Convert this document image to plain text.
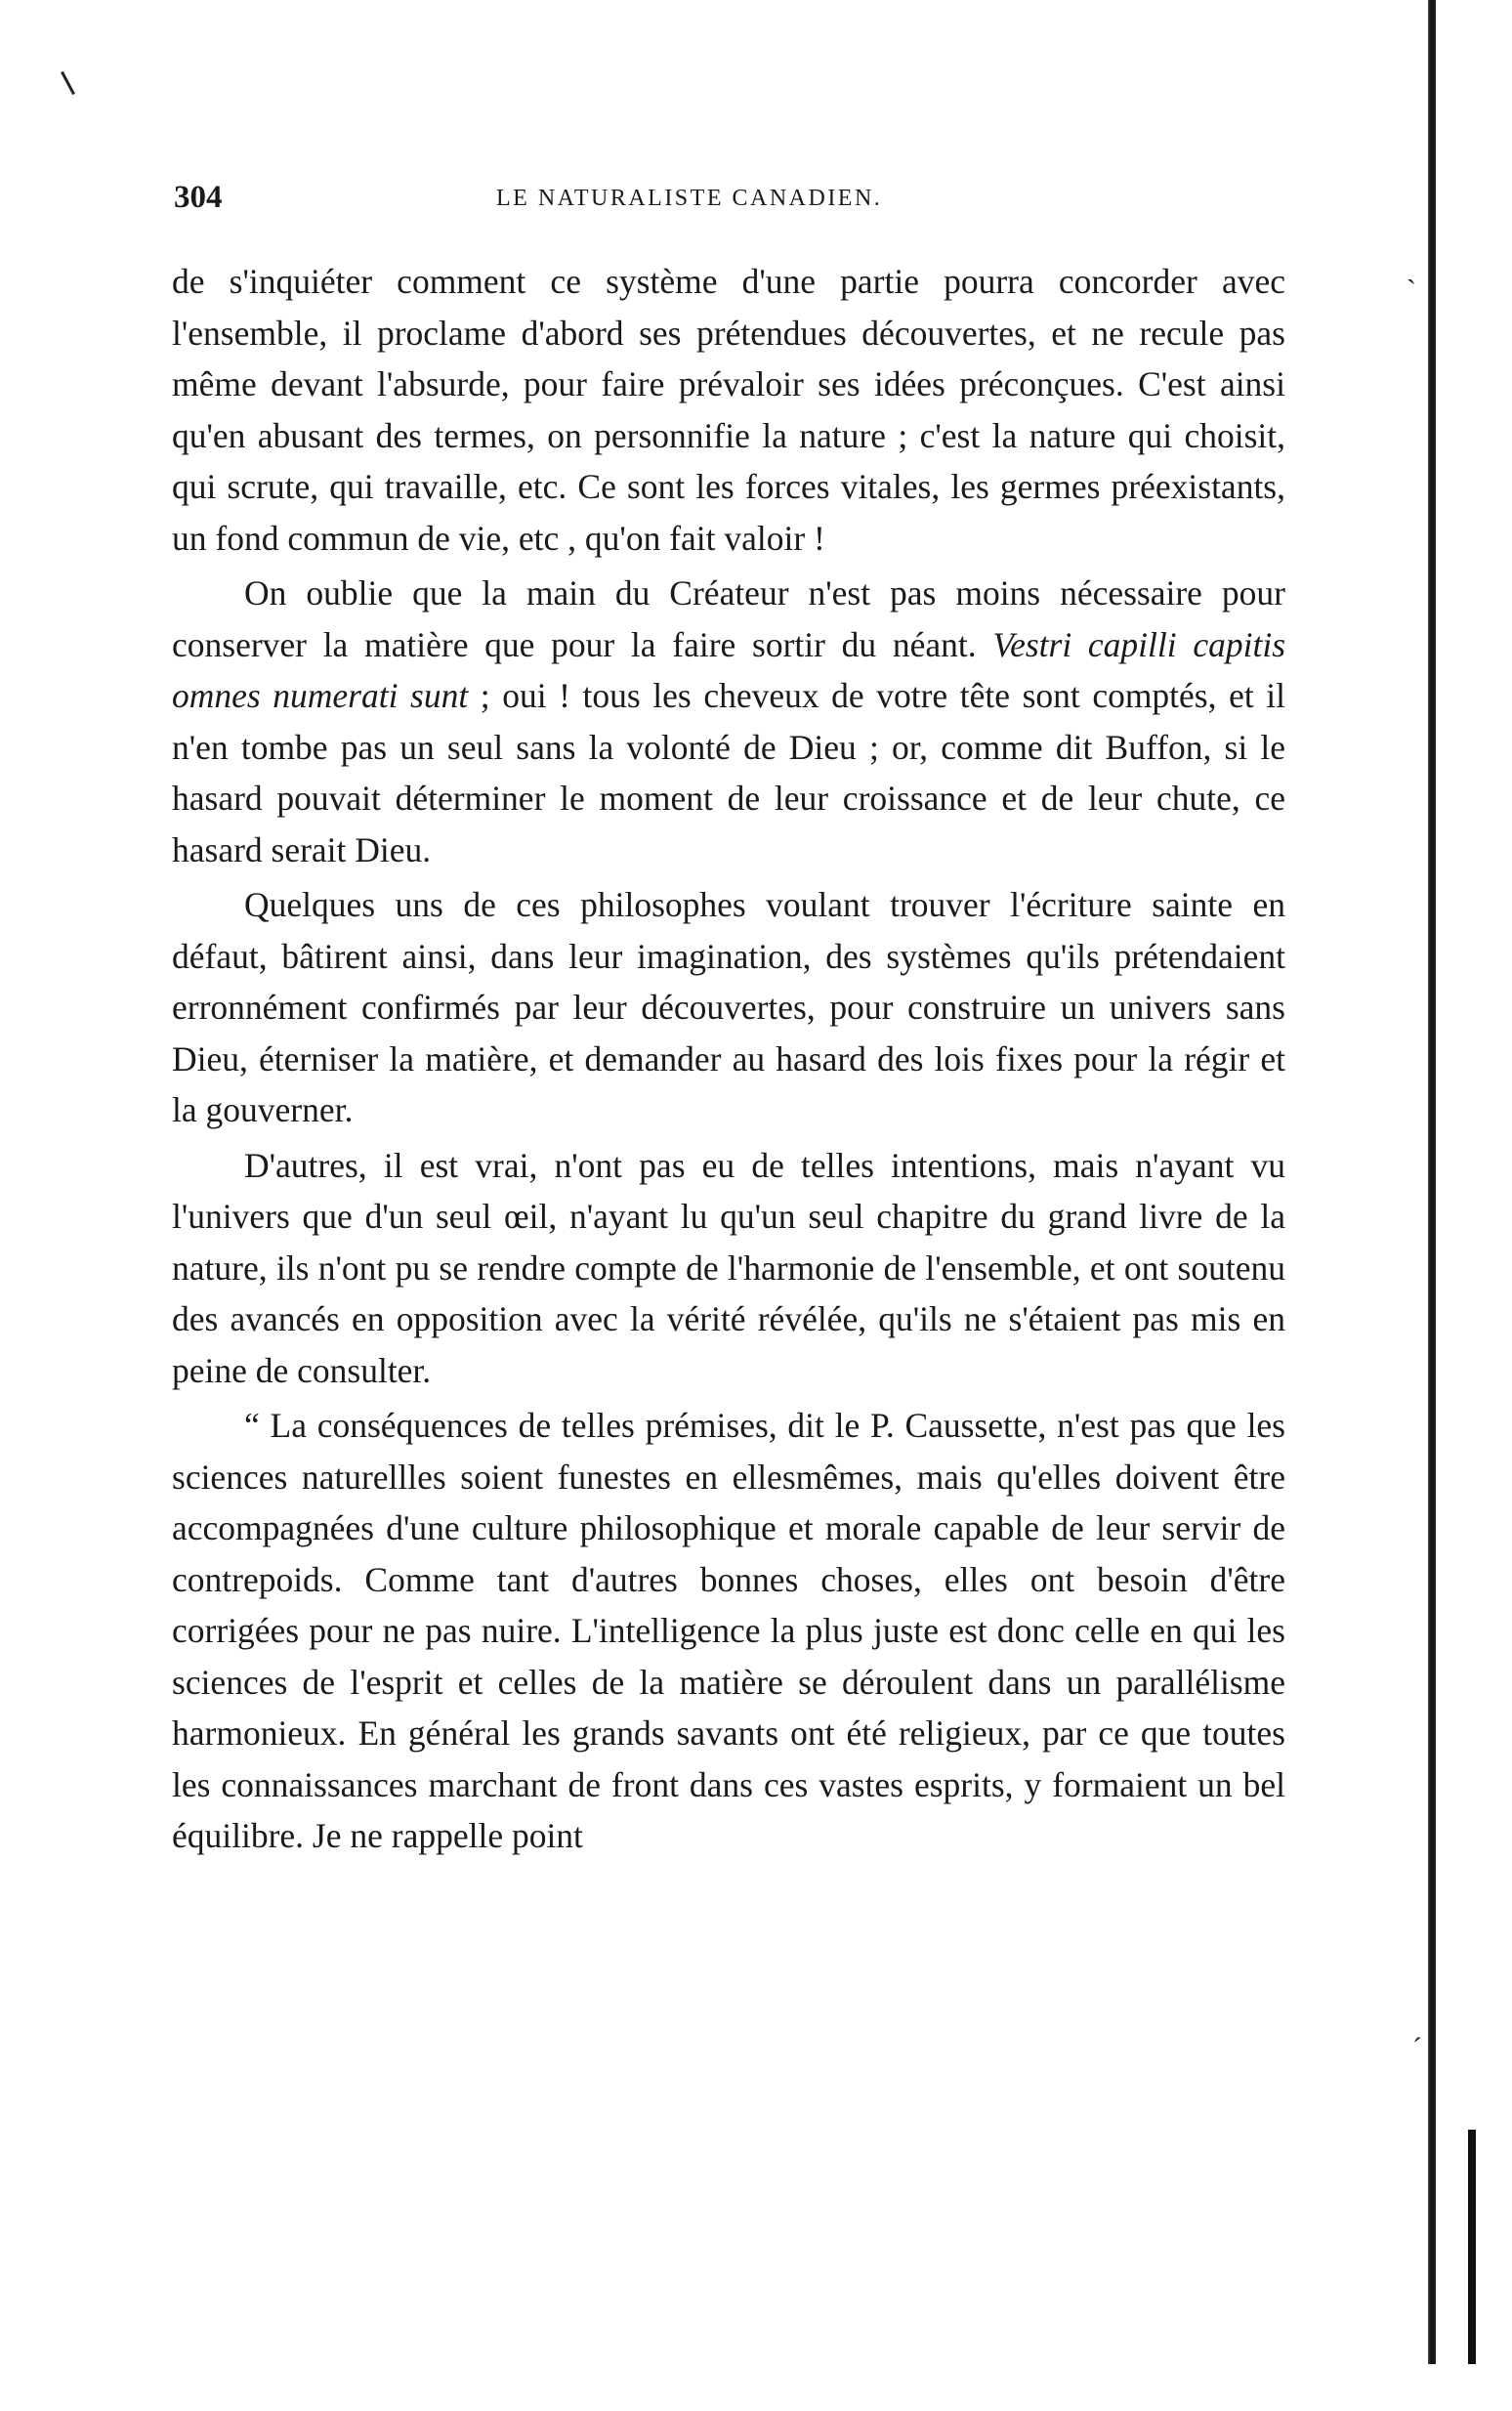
ˏ
ˊ
304	LE NATURALISTE CANADIEN.

de s'inquiéter comment ce système d'une partie pourra concorder avec l'ensemble, il proclame d'abord ses prétendues découvertes, et ne recule pas même devant l'absurde, pour faire prévaloir ses idées préconçues. C'est ainsi qu'en abusant des termes, on personnifie la nature ; c'est la nature qui choisit, qui scrute, qui travaille, etc. Ce sont les forces vitales, les germes préexistants, un fond commun de vie, etc , qu'on fait valoir !

On oublie que la main du Créateur n'est pas moins nécessaire pour conserver la matière que pour la faire sortir du néant. Vestri capilli capitis omnes numerati sunt ; oui ! tous les cheveux de votre tête sont comptés, et il n'en tombe pas un seul sans la volonté de Dieu ; or, comme dit Buffon, si le hasard pouvait déterminer le moment de leur croissance et de leur chute, ce hasard serait Dieu.

Quelques uns de ces philosophes voulant trouver l'écriture sainte en défaut, bâtirent ainsi, dans leur imagination, des systèmes qu'ils prétendaient erronnément confirmés par leur découvertes, pour construire un univers sans Dieu, éterniser la matière, et demander au hasard des lois fixes pour la régir et la gouverner.

D'autres, il est vrai, n'ont pas eu de telles intentions, mais n'ayant vu l'univers que d'un seul œil, n'ayant lu qu'un seul chapitre du grand livre de la nature, ils n'ont pu se rendre compte de l'harmonie de l'ensemble, et ont soutenu des avancés en opposition avec la vérité révélée, qu'ils ne s'étaient pas mis en peine de consulter.

“ La conséquences de telles prémises, dit le P. Caussette, n'est pas que les sciences naturellles soient funestes en ellesmêmes, mais qu'elles doivent être accompagnées d'une culture philosophique et morale capable de leur servir de contrepoids. Comme tant d'autres bonnes choses, elles ont besoin d'être corrigées pour ne pas nuire. L'intelligence la plus juste est donc celle en qui les sciences de l'esprit et celles de la matière se déroulent dans un parallélisme harmonieux. En général les grands savants ont été religieux, par ce que toutes les connaissances marchant de front dans ces vastes esprits, y formaient un bel équilibre. Je ne rappelle point
